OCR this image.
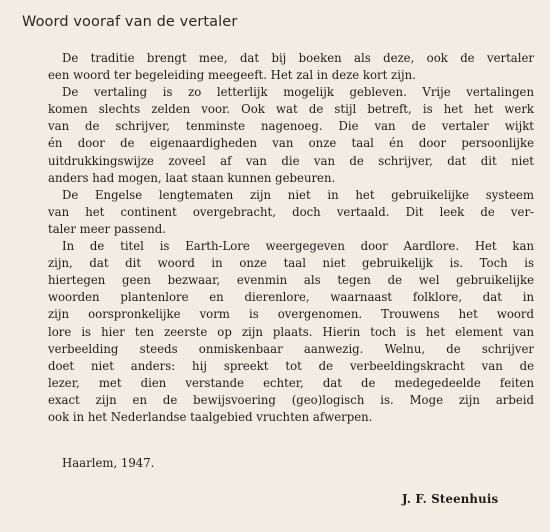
Woord vooraf van de vertaler

De traditie brengt mee, dat bij boeken als deze, ook de vertaler
een woord ter begeleiding meegeeft. Het zal in deze kort zijn.

De vertaling is zo letterlijk mogelijk gebleven. Vrije vertalingen
komen slechts zelden voor. Ook wat de stijl betreft, is het het werk
van de schrijver, tenminste nagenoeg. Die van de vertaler wijkt
én door de eigenaardigheden van onze taal én door persoonlijke
uitdrukkingswijze zoveel af van die van de schrijver, dat dit niet
anders had mogen, laat staan kunnen gebeuren.

De Engelse lengtematen zijn niet in het gebruikelijke systeem
van het continent overgebracht, doch vertaald. Dit leek de ver-
taler meer passend.

In de titel is Earth-Lore weergegeven door Aardlore. Het kan
zijn, dat dit woord in onze taal niet gebruikelijk is. Toch is
hiertegen geen bezwaar, evenmin als tegen de wel gebruikelijke
woorden plantenlore en dierenlore, waarnaast folklore, dat in
zijn oorspronkelijke vorm is overgenomen. Trouwens het woord
lore is hier ten zeerste op zijn plaats. Hierin toch is het element van
verbeelding steeds onmiskenbaar aanwezig. Welnu, de schrijver
doet niet anders: hij spreekt tot de verbeeldingskracht van de
lezer, met dien verstande echter, dat de medegedeelde feiten
exact zijn en de bewijsvoering (geo)logisch is. Moge zijn arbeid
ook in het Nederlandse taalgebied vruchten afwerpen.

Haarlem, 1947.
J. F. Steenhuis
